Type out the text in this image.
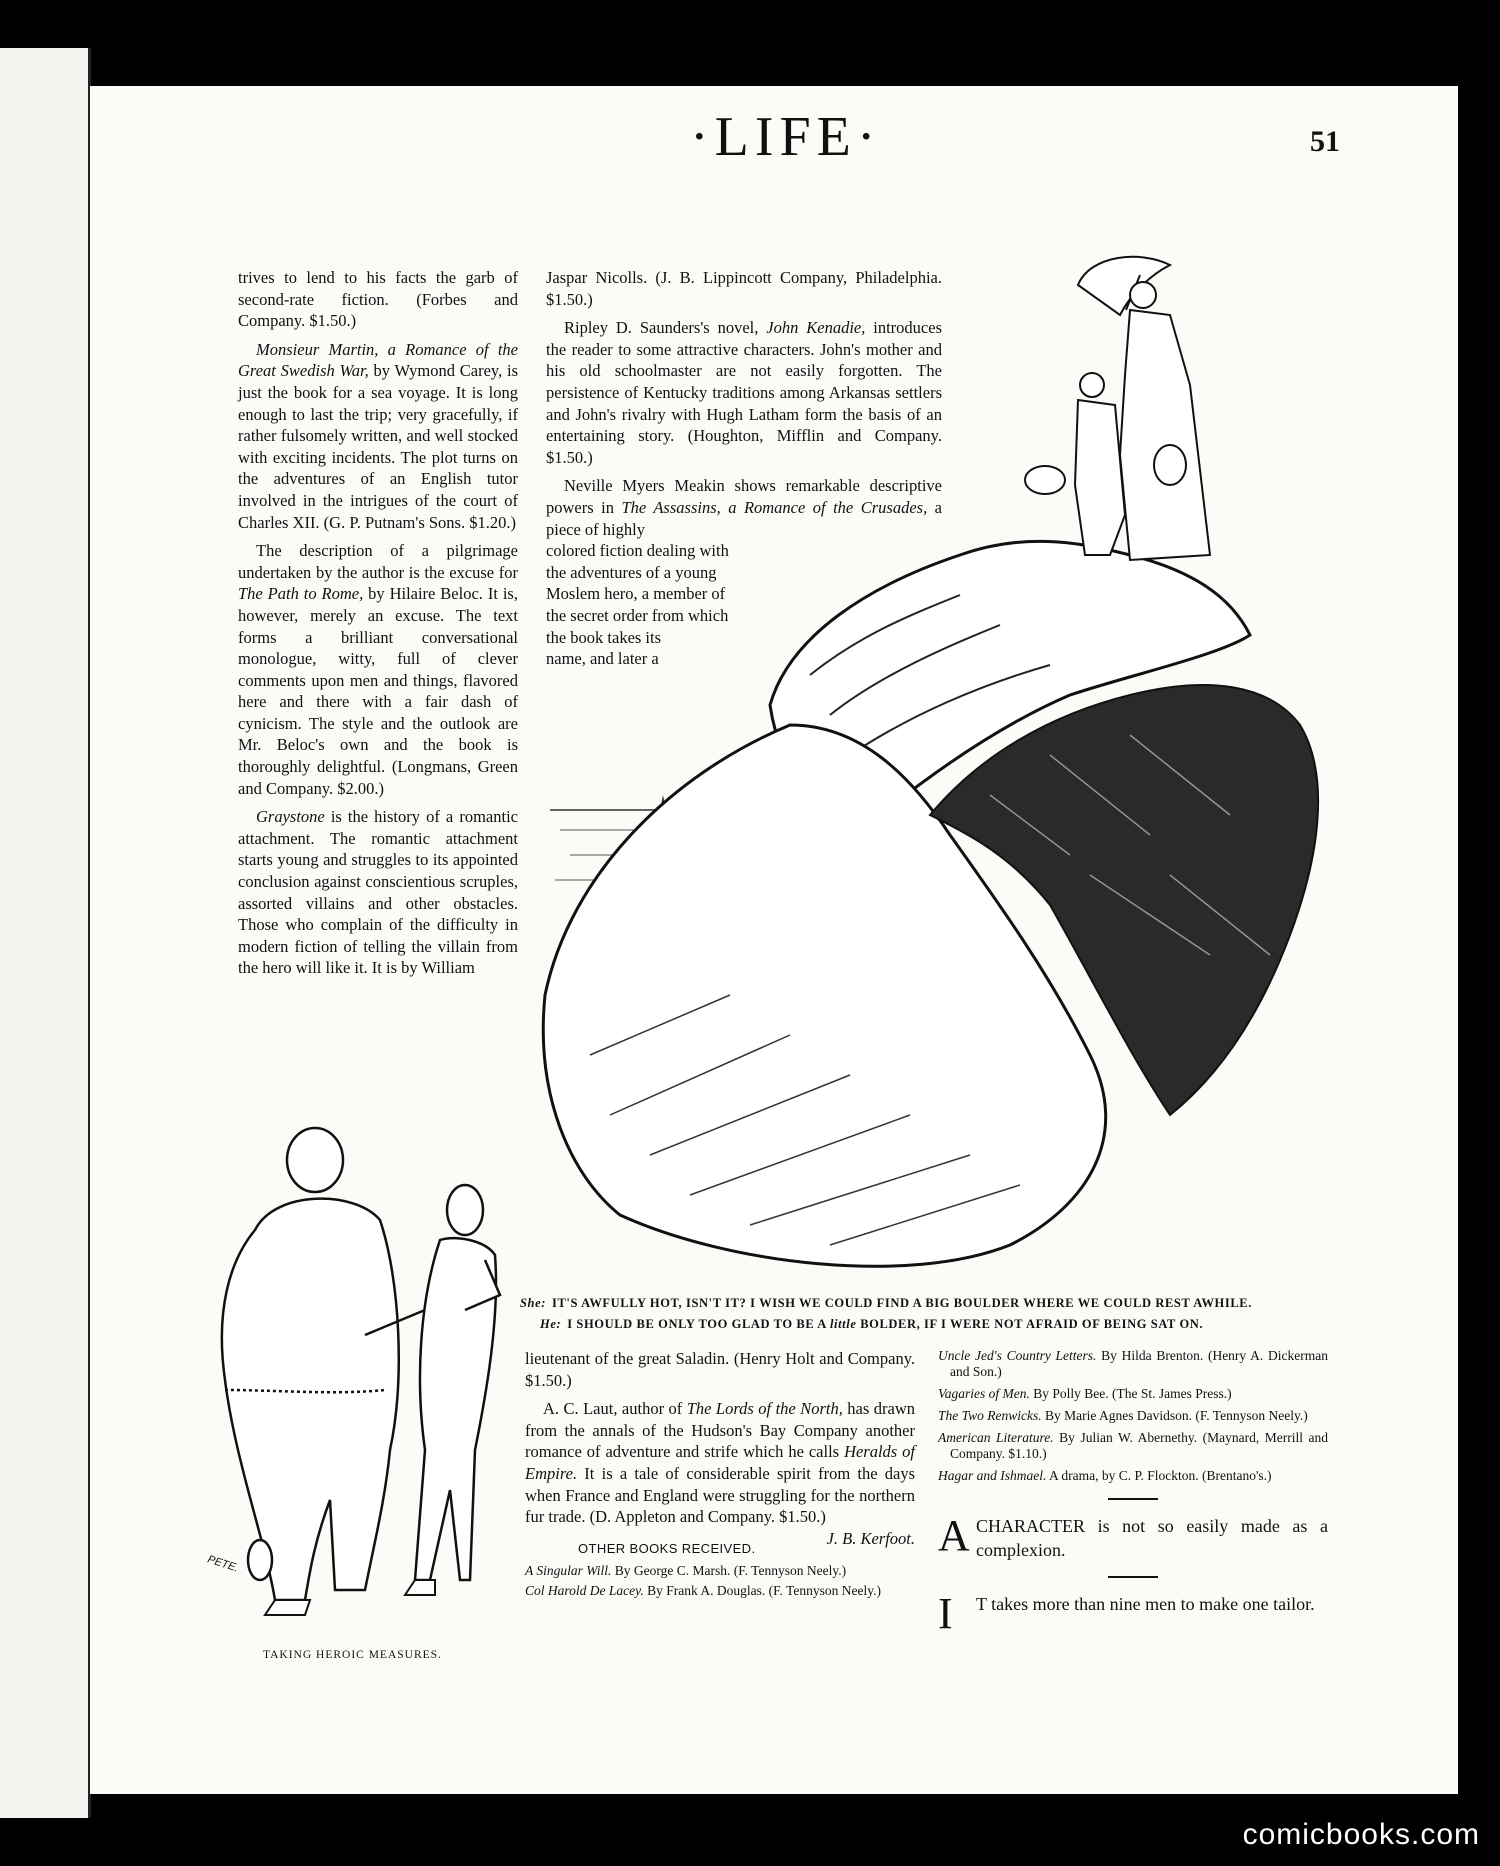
·LIFE·	51

trives to lend to his facts the garb of second-rate fiction. (Forbes and Company. $1.50.)

Monsieur Martin, a Romance of the Great Swedish War, by Wymond Carey, is just the book for a sea voyage. It is long enough to last the trip; very gracefully, if rather fulsomely written, and well stocked with exciting incidents. The plot turns on the adventures of an English tutor involved in the intrigues of the court of Charles XII. (G. P. Putnam's Sons. $1.20.)

The description of a pilgrimage undertaken by the author is the excuse for The Path to Rome, by Hilaire Beloc. It is, however, merely an excuse. The text forms a brilliant conversational monologue, witty, full of clever comments upon men and things, flavored here and there with a fair dash of cynicism. The style and the outlook are Mr. Beloc's own and the book is thoroughly delightful. (Longmans, Green and Company. $2.00.)

Graystone is the history of a romantic attachment. The romantic attachment starts young and struggles to its appointed conclusion against conscientious scruples, assorted villains and other obstacles. Those who complain of the difficulty in modern fiction of telling the villain from the hero will like it. It is by William

Jaspar Nicolls. (J. B. Lippincott Company, Philadelphia. $1.50.)

Ripley D. Saunders's novel, John Kenadie, introduces the reader to some attractive characters. John's mother and his old schoolmaster are not easily forgotten. The persistence of Kentucky traditions among Arkansas settlers and John's rivalry with Hugh Latham form the basis of an entertaining story. (Houghton, Mifflin and Company. $1.50.)

Neville Myers Meakin shows remarkable descriptive powers in The Assassins, a Romance of the Crusades, a piece of highly

colored fiction dealing with
the adventures of a young
Moslem hero, a member of
the secret order from which
the book takes its
name, and later a
She: IT'S AWFULLY HOT, ISN'T IT? I WISH WE COULD FIND A BIG BOULDER WHERE WE COULD REST AWHILE.
He: I SHOULD BE ONLY TOO GLAD TO BE A little BOLDER, IF I WERE NOT AFRAID OF BEING SAT ON.
PETE.
TAKING HEROIC MEASURES.

lieutenant of the great Saladin. (Henry Holt and Company. $1.50.)

A. C. Laut, author of The Lords of the North, has drawn from the annals of the Hudson's Bay Company another romance of adventure and strife which he calls Heralds of Empire. It is a tale of considerable spirit from the days when France and England were struggling for the northern fur trade. (D. Appleton and Company. $1.50.)
J. B. Kerfoot.

OTHER BOOKS RECEIVED.

A Singular Will. By George C. Marsh. (F. Tennyson Neely.)

Col Harold De Lacey. By Frank A. Douglas. (F. Tennyson Neely.)

Uncle Jed's Country Letters. By Hilda Brenton. (Henry A. Dickerman and Son.)

Vagaries of Men. By Polly Bee. (The St. James Press.)

The Two Renwicks. By Marie Agnes Davidson. (F. Tennyson Neely.)

American Literature. By Julian W. Abernethy. (Maynard, Merrill and Company. $1.10.)

Hagar and Ishmael. A drama, by C. P. Flockton. (Brentano's.)

A CHARACTER is not so easily made as a complexion.
I T takes more than nine men to make one tailor.
comicbooks.com
